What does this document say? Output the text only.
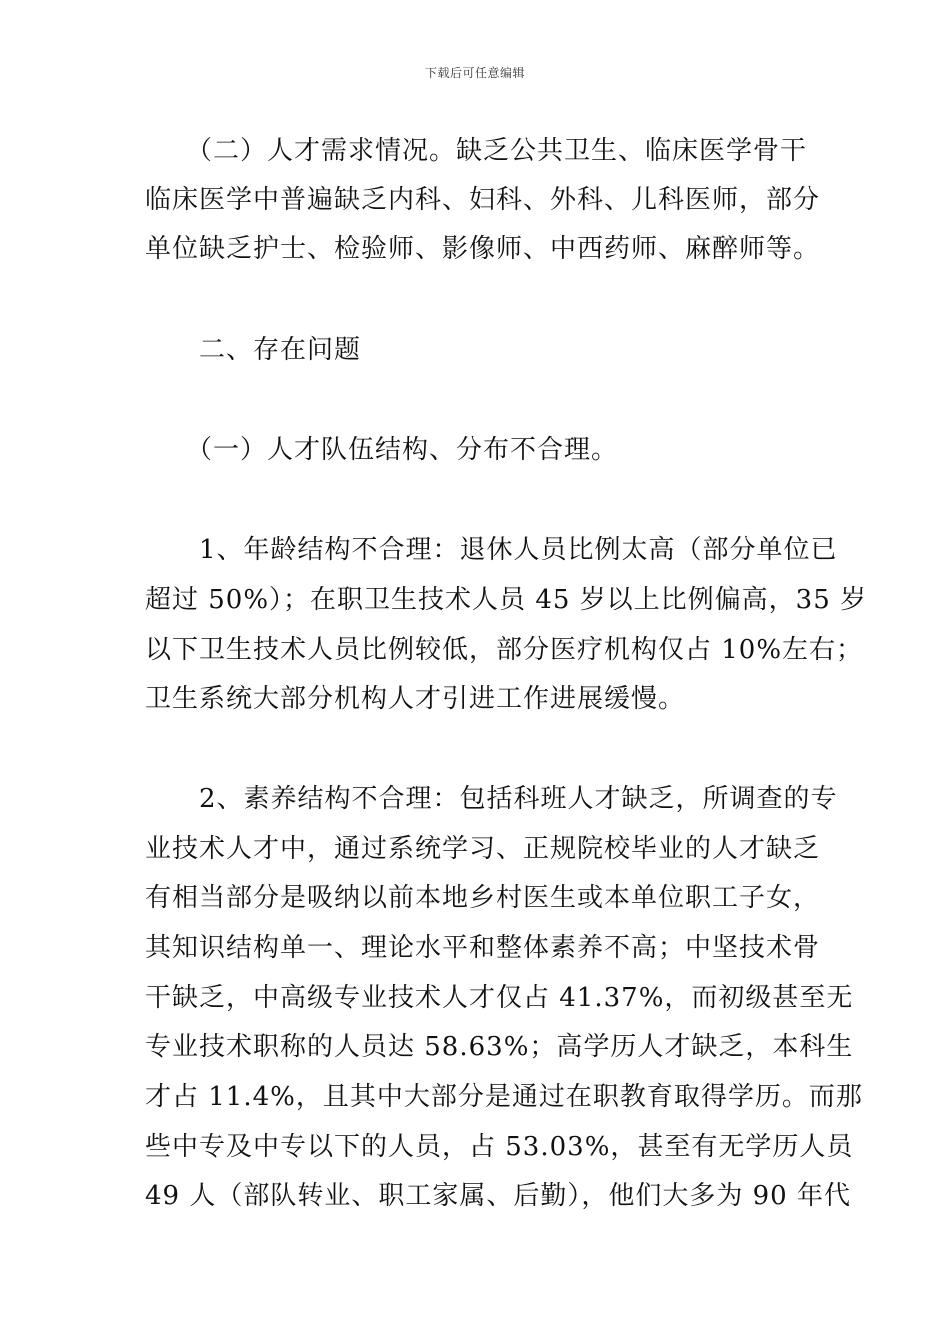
下载后可任意编辑
　　（二）人才需求情况。缺乏公共卫生、临床医学骨干
临床医学中普遍缺乏内科、妇科、外科、儿科医师，部分
单位缺乏护士、检验师、影像师、中西药师、麻醉师等。
　　二、存在问题
　　（一）人才队伍结构、分布不合理。
　　1、年龄结构不合理：退休人员比例太高（部分单位已
超过 50%）；在职卫生技术人员 45 岁以上比例偏高，35 岁
以下卫生技术人员比例较低，部分医疗机构仅占 10%左右；
卫生系统大部分机构人才引进工作进展缓慢。
　　2、素养结构不合理：包括科班人才缺乏，所调查的专
业技术人才中，通过系统学习、正规院校毕业的人才缺乏
有相当部分是吸纳以前本地乡村医生或本单位职工子女，
其知识结构单一、理论水平和整体素养不高；中坚技术骨
干缺乏，中高级专业技术人才仅占 41.37%，而初级甚至无
专业技术职称的人员达 58.63%；高学历人才缺乏，本科生
才占 11.4%，且其中大部分是通过在职教育取得学历。而那
些中专及中专以下的人员，占 53.03%，甚至有无学历人员
49 人（部队转业、职工家属、后勤），他们大多为 90 年代
